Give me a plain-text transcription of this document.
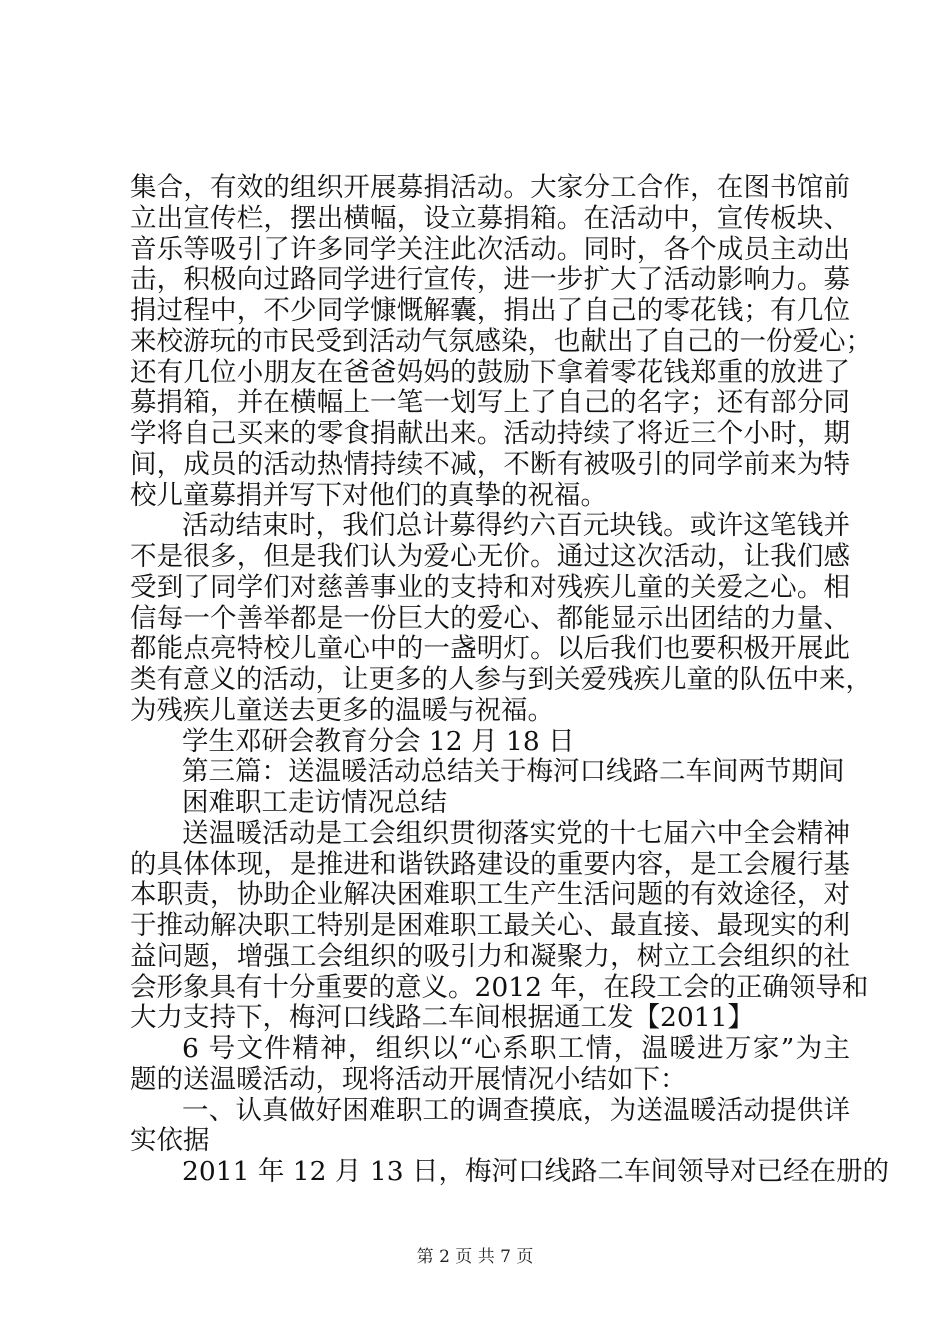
集合，有效的组织开展募捐活动。大家分工合作，在图书馆前
立出宣传栏，摆出横幅，设立募捐箱。在活动中，宣传板块、
音乐等吸引了许多同学关注此次活动。同时，各个成员主动出
击，积极向过路同学进行宣传，进一步扩大了活动影响力。募
捐过程中，不少同学慷慨解囊，捐出了自己的零花钱；有几位
来校游玩的市民受到活动气氛感染，也献出了自己的一份爱心；
还有几位小朋友在爸爸妈妈的鼓励下拿着零花钱郑重的放进了
募捐箱，并在横幅上一笔一划写上了自己的名字；还有部分同
学将自己买来的零食捐献出来。活动持续了将近三个小时，期
间，成员的活动热情持续不减，不断有被吸引的同学前来为特
校儿童募捐并写下对他们的真挚的祝福。
活动结束时，我们总计募得约六百元块钱。或许这笔钱并
不是很多，但是我们认为爱心无价。通过这次活动，让我们感
受到了同学们对慈善事业的支持和对残疾儿童的关爱之心。相
信每一个善举都是一份巨大的爱心、都能显示出团结的力量、
都能点亮特校儿童心中的一盏明灯。以后我们也要积极开展此
类有意义的活动，让更多的人参与到关爱残疾儿童的队伍中来，
为残疾儿童送去更多的温暖与祝福。
学生邓研会教育分会 12 月 18 日
第三篇：送温暖活动总结关于梅河口线路二车间两节期间
困难职工走访情况总结
送温暖活动是工会组织贯彻落实党的十七届六中全会精神
的具体体现，是推进和谐铁路建设的重要内容，是工会履行基
本职责，协助企业解决困难职工生产生活问题的有效途径，对
于推动解决职工特别是困难职工最关心、最直接、最现实的利
益问题，增强工会组织的吸引力和凝聚力，树立工会组织的社
会形象具有十分重要的意义。2012 年，在段工会的正确领导和
大力支持下，梅河口线路二车间根据通工发【2011】
6 号文件精神，组织以“心系职工情，温暖进万家”为主
题的送温暖活动，现将活动开展情况小结如下：
一、认真做好困难职工的调查摸底，为送温暖活动提供详
实依据
2011 年 12 月 13 日，梅河口线路二车间领导对已经在册的
第 2 页 共 7 页
